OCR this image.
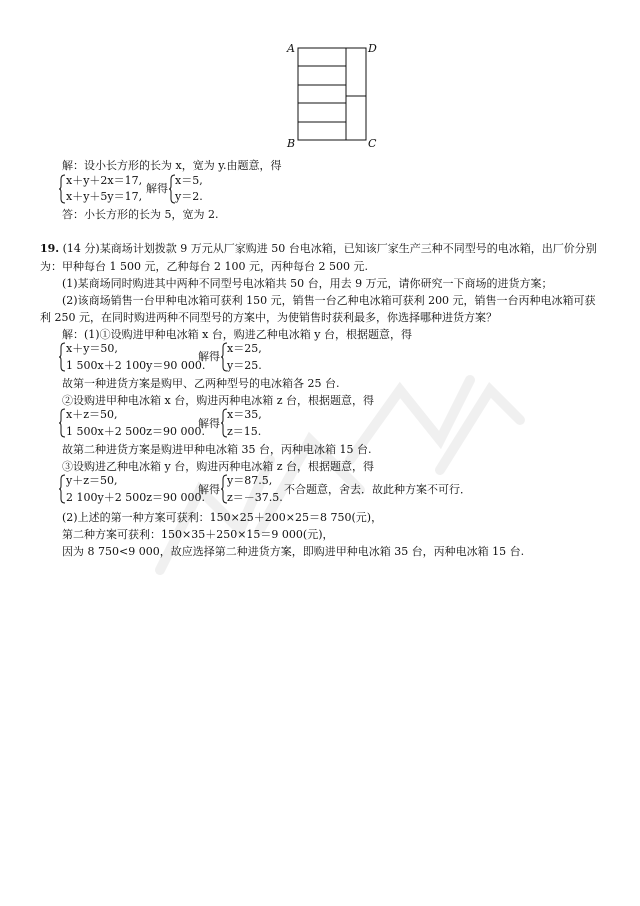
A	D
B	C
解：设小长方形的长为 x，宽为 y.由题意，得
x＋y＋2x＝17,
x＋y＋5y＝17,
解得
x＝5,
y＝2.
答：小长方形的长为 5，宽为 2.
19. (14 分)某商场计划拨款 9 万元从厂家购进 50 台电冰箱，已知该厂家生产三种不同型号的电冰箱，出厂价分别
为：甲种每台 1 500 元，乙种每台 2 100 元，丙种每台 2 500 元.
(1)某商场同时购进其中两种不同型号电冰箱共 50 台，用去 9 万元，请你研究一下商场的进货方案；
(2)该商场销售一台甲种电冰箱可获利 150 元，销售一台乙种电冰箱可获利 200 元，销售一台丙种电冰箱可获
利 250 元，在同时购进两种不同型号的方案中，为使销售时获利最多，你选择哪种进货方案？
解：(1)①设购进甲种电冰箱 x 台，购进乙种电冰箱 y 台，根据题意，得
x＋y＝50,
1 500x＋2 100y＝90 000.
解得
x＝25,
y＝25.
故第一种进货方案是购甲、乙两种型号的电冰箱各 25 台.
②设购进甲种电冰箱 x 台，购进丙种电冰箱 z 台，根据题意，得
x＋z＝50,
1 500x＋2 500z＝90 000.
解得
x＝35,
z＝15.
故第二种进货方案是购进甲种电冰箱 35 台，丙种电冰箱 15 台.
③设购进乙种电冰箱 y 台，购进丙种电冰箱 z 台，根据题意，得
y＋z＝50,
2 100y＋2 500z＝90 000.
解得
y＝87.5,
z＝－37.5.
不合题意，舍去．故此种方案不可行．
(2)上述的第一种方案可获利：150×25＋200×25＝8 750(元)，
第二种方案可获利：150×35＋250×15＝9 000(元)，
因为 8 750<9 000，故应选择第二种进货方案，即购进甲种电冰箱 35 台，丙种电冰箱 15 台.
